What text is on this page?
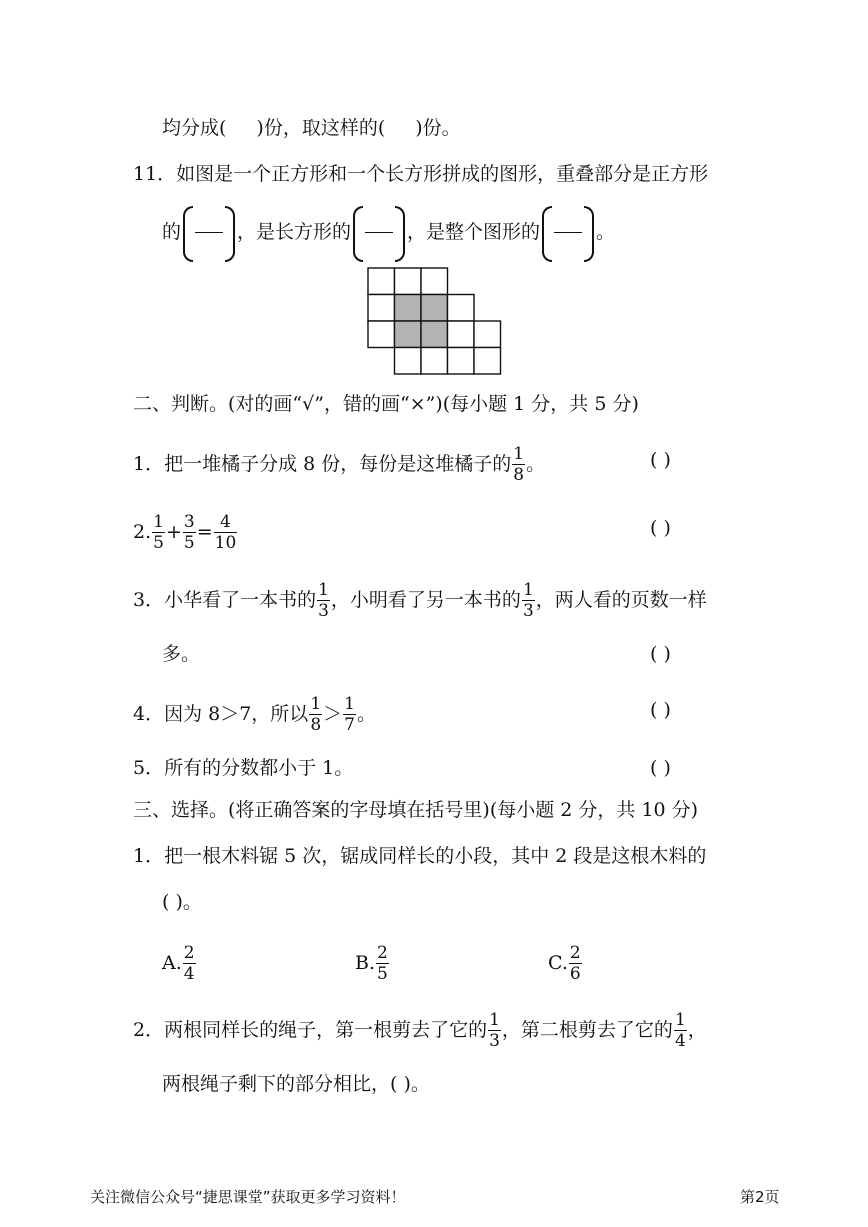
均分成( )份，取这样的( )份。
11．如图是一个正方形和一个长方形拼成的图形，重叠部分是正方形
的	，是长方形的	，是整个图形的	。
二、判断。(对的画“√”，错的画“×”)(每小题 1 分，共 5 分)
1．把一堆橘子分成 8 份，每份是这堆橘子的 $\frac{1}{8}$ 。	( )
2. $\frac{1}{5} + \frac{3}{5} = \frac{4}{10}$	( )
3．小华看了一本书的 $\frac{1}{3}$ ，小明看了另一本书的 $\frac{1}{3}$ ，两人看的页数一样
多。	( )
4．因为 8＞7，所以 $\frac{1}{8} > \frac{1}{7}$ 。	( )
5．所有的分数都小于 1。	( )
三、选择。(将正确答案的字母填在括号里)(每小题 2 分，共 10 分)
1．把一根木料锯 5 次，锯成同样长的小段，其中 2 段是这根木料的
( )。
A. $\frac{2}{4}$	B. $\frac{2}{5}$	C. $\frac{2}{6}$
2．两根同样长的绳子，第一根剪去了它的 $\frac{1}{3}$ ，第二根剪去了它的 $\frac{1}{4}$ ，
两根绳子剩下的部分相比，( )。
关注微信公众号“捷思课堂”获取更多学习资料！	第2页
